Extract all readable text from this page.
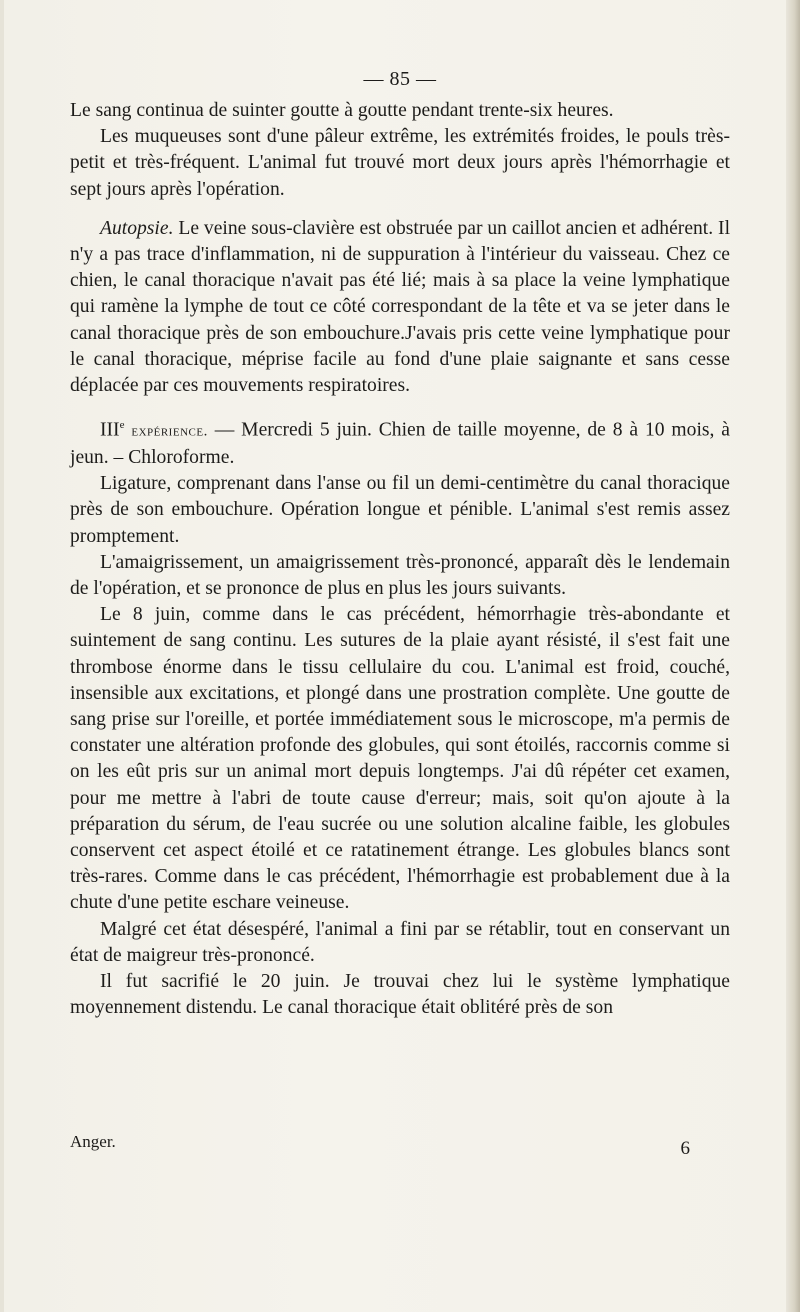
— 85 —

Le sang continua de suinter goutte à goutte pendant trente-six heures.

Les muqueuses sont d'une pâleur extrême, les extrémités froides, le pouls très-petit et très-fréquent. L'animal fut trouvé mort deux jours après l'hémorrhagie et sept jours après l'opération.

Autopsie. Le veine sous-clavière est obstruée par un caillot ancien et adhérent. Il n'y a pas trace d'inflammation, ni de suppuration à l'intérieur du vaisseau. Chez ce chien, le canal thoracique n'avait pas été lié; mais à sa place la veine lymphatique qui ramène la lymphe de tout ce côté correspondant de la tête et va se jeter dans le canal thoracique près de son embouchure.J'avais pris cette veine lymphatique pour le canal thoracique, méprise facile au fond d'une plaie saignante et sans cesse déplacée par ces mouvements respiratoires.

IIIe expérience. — Mercredi 5 juin. Chien de taille moyenne, de 8 à 10 mois, à jeun. – Chloroforme.

Ligature, comprenant dans l'anse ou fil un demi-centimètre du canal thoracique près de son embouchure. Opération longue et pénible. L'animal s'est remis assez promptement.

L'amaigrissement, un amaigrissement très-prononcé, apparaît dès le lendemain de l'opération, et se prononce de plus en plus les jours suivants.

Le 8 juin, comme dans le cas précédent, hémorrhagie très-abondante et suintement de sang continu. Les sutures de la plaie ayant résisté, il s'est fait une thrombose énorme dans le tissu cellulaire du cou. L'animal est froid, couché, insensible aux excitations, et plongé dans une prostration complète. Une goutte de sang prise sur l'oreille, et portée immédiatement sous le microscope, m'a permis de constater une altération profonde des globules, qui sont étoilés, raccornis comme si on les eût pris sur un animal mort depuis longtemps. J'ai dû répéter cet examen, pour me mettre à l'abri de toute cause d'erreur; mais, soit qu'on ajoute à la préparation du sérum, de l'eau sucrée ou une solution alcaline faible, les globules conservent cet aspect étoilé et ce ratatinement étrange. Les globules blancs sont très-rares. Comme dans le cas précédent, l'hémorrhagie est probablement due à la chute d'une petite eschare veineuse.

Malgré cet état désespéré, l'animal a fini par se rétablir, tout en conservant un état de maigreur très-prononcé.

Il fut sacrifié le 20 juin. Je trouvai chez lui le système lymphatique moyennement distendu. Le canal thoracique était oblitéré près de son

Anger.	6
